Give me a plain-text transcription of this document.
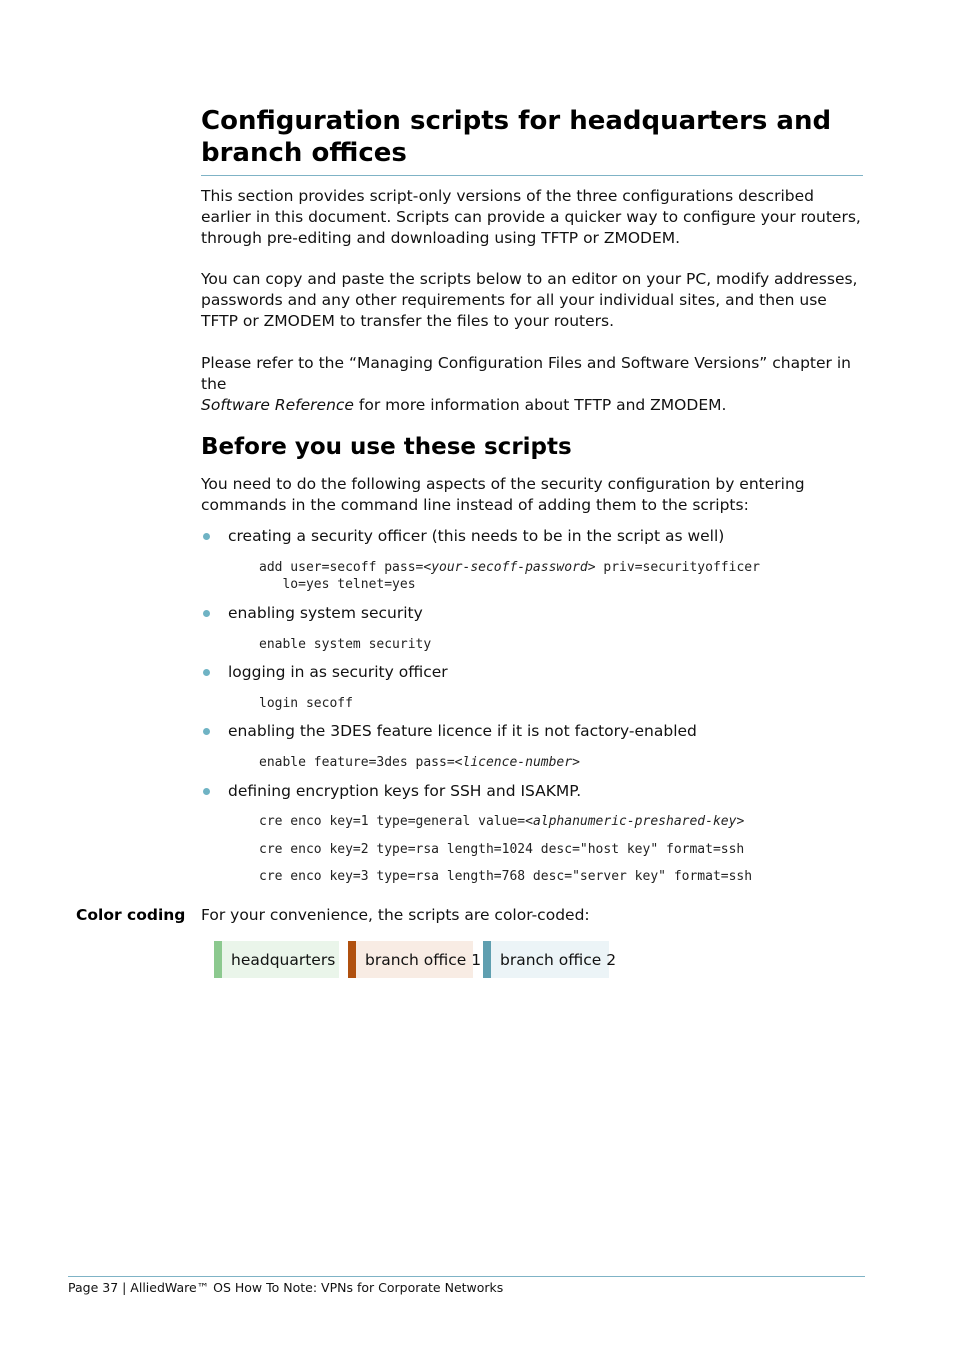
Configuration scripts for headquarters and branch offices

This section provides script-only versions of the three configurations described earlier in this document. Scripts can provide a quicker way to configure your routers, through pre-editing and downloading using TFTP or ZMODEM.

You can copy and paste the scripts below to an editor on your PC, modify addresses, passwords and any other requirements for all your individual sites, and then use TFTP or ZMODEM to transfer the files to your routers.

Please refer to the “Managing Configuration Files and Software Versions” chapter in the
Software Reference for more information about TFTP and ZMODEM.

Before you use these scripts

You need to do the following aspects of the security configuration by entering commands in the command line instead of adding them to the scripts:

creating a security officer (this needs to be in the script as well)
add user=secoff pass=<your-secoff-password> priv=securityofficer
lo=yes telnet=yes
enabling system security
enable system security
logging in as security officer
login secoff
enabling the 3DES feature licence if it is not factory-enabled
enable feature=3des pass=<licence-number>
defining encryption keys for SSH and ISAKMP.
cre enco key=1 type=general value=<alphanumeric-preshared-key>
cre enco key=2 type=rsa length=1024 desc="host key" format=ssh
cre enco key=3 type=rsa length=768 desc="server key" format=ssh
Color coding For your convenience, the scripts are color-coded:
headquarters	branch office 1	branch office 2
Page 37 | AlliedWare™ OS How To Note: VPNs for Corporate Networks
